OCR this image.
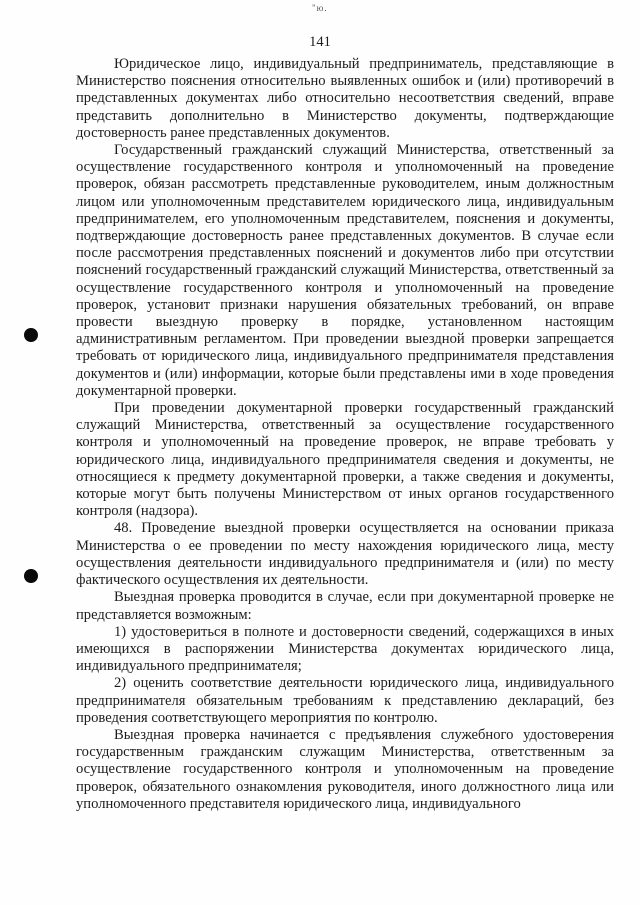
"ю.
141

Юридическое лицо, индивидуальный предприниматель, представляющие в Министерство пояснения относительно выявленных ошибок и (или) противоречий в представленных документах либо относительно несоответствия сведений, вправе представить дополнительно в Министерство документы, подтверждающие достоверность ранее представленных документов.

Государственный гражданский служащий Министерства, ответственный за осуществление государственного контроля и уполномоченный на проведение проверок, обязан рассмотреть представленные руководителем, иным должностным лицом или уполномоченным представителем юридического лица, индивидуальным предпринимателем, его уполномоченным представителем, пояснения и документы, подтверждающие достоверность ранее представленных документов. В случае если после рассмотрения представленных пояснений и документов либо при отсутствии пояснений государственный гражданский служащий Министерства, ответственный за осуществление государственного контроля и уполномоченный на проведение проверок, установит признаки нарушения обязательных требований, он вправе провести выездную проверку в порядке, установленном настоящим административным регламентом. При проведении выездной проверки запрещается требовать от юридического лица, индивидуального предпринимателя представления документов и (или) информации, которые были представлены ими в ходе проведения документарной проверки.

При проведении документарной проверки государственный гражданский служащий Министерства, ответственный за осуществление государственного контроля и уполномоченный на проведение проверок, не вправе требовать у юридического лица, индивидуального предпринимателя сведения и документы, не относящиеся к предмету документарной проверки, а также сведения и документы, которые могут быть получены Министерством от иных органов государственного контроля (надзора).

48. Проведение выездной проверки осуществляется на основании приказа Министерства о ее проведении по месту нахождения юридического лица, месту осуществления деятельности индивидуального предпринимателя и (или) по месту фактического осуществления их деятельности.

Выездная проверка проводится в случае, если при документарной проверке не представляется возможным:

1) удостовериться в полноте и достоверности сведений, содержащихся в иных имеющихся в распоряжении Министерства документах юридического лица, индивидуального предпринимателя;

2) оценить соответствие деятельности юридического лица, индивидуального предпринимателя обязательным требованиям к представлению деклараций, без проведения соответствующего мероприятия по контролю.

Выездная проверка начинается с предъявления служебного удостоверения государственным гражданским служащим Министерства, ответственным за осуществление государственного контроля и уполномоченным на проведение проверок, обязательного ознакомления руководителя, иного должностного лица или уполномоченного представителя юридического лица, индивидуального
